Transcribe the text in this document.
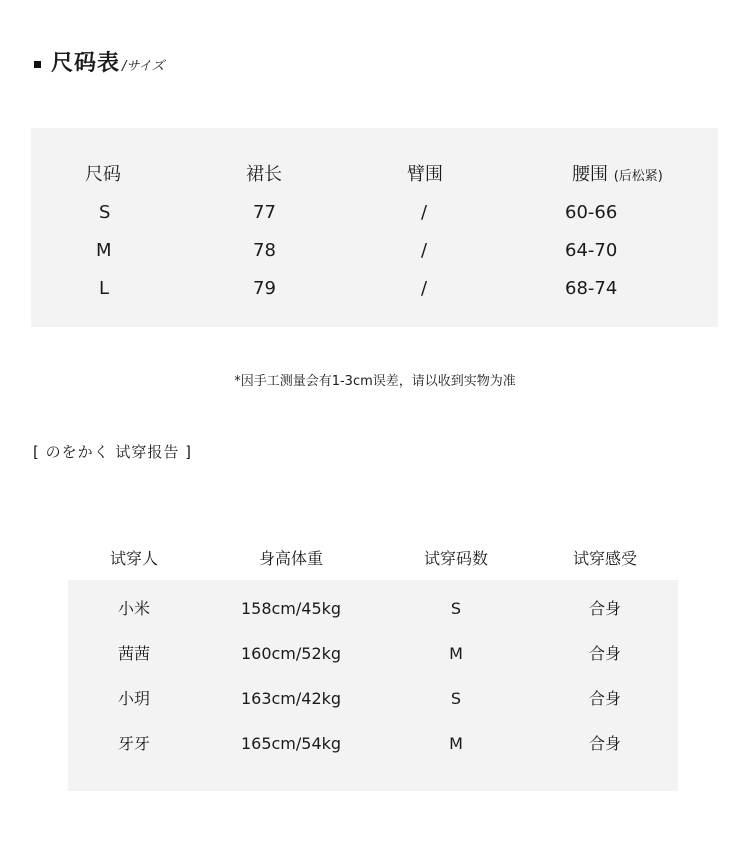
尺码表 /サイズ
尺码	裙长	臂围	腰围 (后松紧)
S	77	/	60-66
M	78	/	64-70
L	79	/	68-74
*因手工测量会有1-3cm误差，请以收到实物为准
[ のをかく 试穿报告 ]
试穿人	身高体重	试穿码数	试穿感受
小米	158cm/45kg	S	合身
茜茜	160cm/52kg	M	合身
小玥	163cm/42kg	S	合身
牙牙	165cm/54kg	M	合身
